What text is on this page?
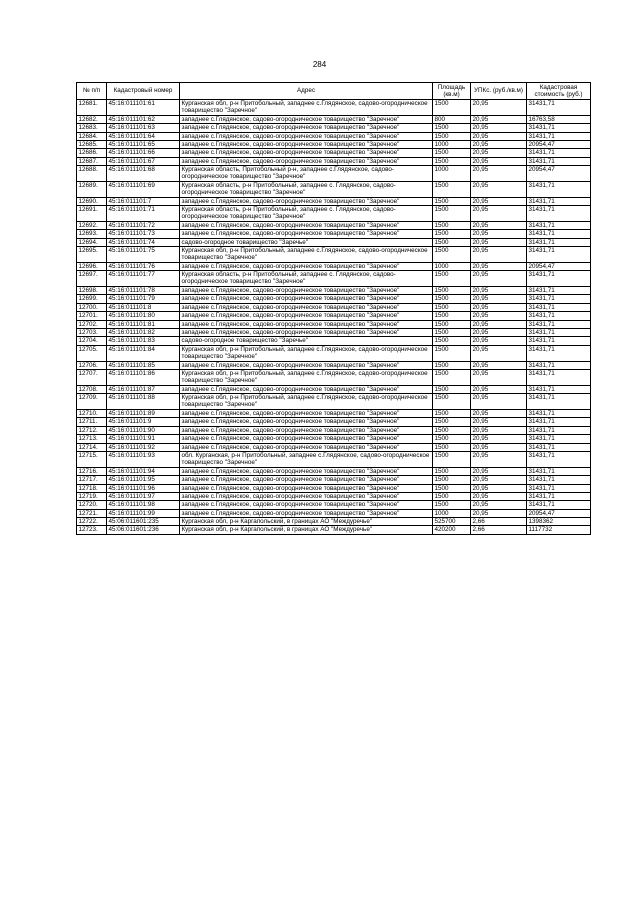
284
№ п/п	Кадастровый номер	Адрес	Площадь (кв.м)	УПКс. (руб./кв.м)	Кадастровая стоимость (руб.)
12681.	45:16:011101:61	Курганская обл, р-н Притобольный, западнее с.Глядянское, садово-огородническое товарищество "Заречное"	1500	20,95	31431,71
12682.	45:16:011101:62	западнее с.Глядянское, садово-огородническое товарищество "Заречное"	800	20,95	16763,58
12683.	45:16:011101:63	западнее с.Глядянское, садово-огородническое товарищество "Заречное"	1500	20,95	31431,71
12684.	45:16:011101:64	западнее с.Глядянское, садово-огородническое товарищество "Заречное"	1500	20,95	31431,71
12685.	45:16:011101:65	западнее с.Глядянское, садово-огородническое товарищество "Заречное"	1000	20,95	20954,47
12686.	45:16:011101:66	западнее с.Глядянское, садово-огородническое товарищество "Заречное"	1500	20,95	31431,71
12687.	45:16:011101:67	западнее с.Глядянское, садово-огородническое товарищество "Заречное"	1500	20,95	31431,71
12688.	45:16:011101:68	Курганская область, Притобольный р-н, западнее с.Глядянское, садово-огородническое товарищество "Заречное"	1000	20,95	20954,47
12689.	45:16:011101:69	Курганская область, р-н Притобольный, западнее с. Глядянское, садово-огородническое товарищество "Заречное"	1500	20,95	31431,71
12690.	45:16:011101:7	западнее с.Глядянское, садово-огородническое товарищество "Заречное"	1500	20,95	31431,71
12691.	45:16:011101:71	Курганская область, р-н Притобольный, западнее с. Глядянское, садово-огородническое товарищество "Заречное"	1500	20,95	31431,71
12692.	45:16:011101:72	западнее с.Глядянское, садово-огородническое товарищество "Заречное"	1500	20,95	31431,71
12693.	45:16:011101:73	западнее с.Глядянское, садово-огородническое товарищество "Заречное"	1500	20,95	31431,71
12694.	45:16:011101:74	садово-огородное товарищество "Заречье"	1500	20,95	31431,71
12695.	45:16:011101:75	Курганская обл, р-н Притобольный, западнее с.Глядянское, садово-огородническое товарищество "Заречное"	1500	20,95	31431,71
12696.	45:16:011101:76	западнее с.Глядянское, садово-огородническое товарищество "Заречное"	1000	20,95	20954,47
12697.	45:16:011101:77	Курганская область, р-н Притобольный, западнее с. Глядянское, садово-огородническое товарищество "Заречное"	1500	20,95	31431,71
12698.	45:16:011101:78	западнее с.Глядянское, садово-огородническое товарищество "Заречное"	1500	20,95	31431,71
12699.	45:16:011101:79	западнее с.Глядянское, садово-огородническое товарищество "Заречное"	1500	20,95	31431,71
12700.	45:16:011101:8	западнее с.Глядянское, садово-огородническое товарищество "Заречное"	1500	20,95	31431,71
12701.	45:16:011101:80	западнее с.Глядянское, садово-огородническое товарищество "Заречное"	1500	20,95	31431,71
12702.	45:16:011101:81	западнее с.Глядянское, садово-огородническое товарищество "Заречное"	1500	20,95	31431,71
12703.	45:16:011101:82	западнее с.Глядянское, садово-огородническое товарищество "Заречное"	1500	20,95	31431,71
12704.	45:16:011101:83	садово-огородное товарищество "Заречье"	1500	20,95	31431,71
12705.	45:16:011101:84	Курганская обл, р-н Притобольный, западнее с.Глядянское, садово-огородническое товарищество "Заречное"	1500	20,95	31431,71
12706.	45:16:011101:85	западнее с.Глядянское, садово-огородническое товарищество "Заречное"	1500	20,95	31431,71
12707.	45:16:011101:86	Курганская обл, р-н Притобольный, западнее с.Глядянское, садово-огородническое товарищество "Заречное"	1500	20,95	31431,71
12708.	45:16:011101:87	западнее с.Глядянское, садово-огородническое товарищество "Заречное"	1500	20,95	31431,71
12709.	45:16:011101:88	Курганская обл, р-н Притобольный, западнее с.Глядянское, садово-огородническое товарищество "Заречное"	1500	20,95	31431,71
12710.	45:16:011101:89	западнее с.Глядянское, садово-огородническое товарищество "Заречное"	1500	20,95	31431,71
12711.	45:16:011101:9	западнее с.Глядянское, садово-огородническое товарищество "Заречное"	1500	20,95	31431,71
12712.	45:16:011101:90	западнее с.Глядянское, садово-огородническое товарищество "Заречное"	1500	20,95	31431,71
12713.	45:16:011101:91	западнее с.Глядянское, садово-огородническое товарищество "Заречное"	1500	20,95	31431,71
12714.	45:16:011101:92	западнее с.Глядянское, садово-огородническое товарищество "Заречное"	1500	20,95	31431,71
12715.	45:16:011101:93	обл. Курганская, р-н Притобольный, западнее с.Глядянское, садово-огородническое товарищество "Заречное"	1500	20,95	31431,71
12716.	45:16:011101:94	западнее с.Глядянское, садово-огородническое товарищество "Заречное"	1500	20,95	31431,71
12717.	45:16:011101:95	западнее с.Глядянское, садово-огородническое товарищество "Заречное"	1500	20,95	31431,71
12718.	45:16:011101:96	западнее с.Глядянское, садово-огородническое товарищество "Заречное"	1500	20,95	31431,71
12719.	45:16:011101:97	западнее с.Глядянское, садово-огородническое товарищество "Заречное"	1500	20,95	31431,71
12720.	45:16:011101:98	западнее с.Глядянское, садово-огородническое товарищество "Заречное"	1500	20,95	31431,71
12721.	45:16:011101:99	западнее с.Глядянское, садово-огородническое товарищество "Заречное"	1000	20,95	20954,47
12722.	45:06:011601:235	Курганская обл, р-н Каргапольский, в границах АО "Междуречье"	525700	2,66	1398362
12723.	45:06:011601:236	Курганская обл, р-н Каргапольский, в границах АО "Междуречье"	420200	2,66	1117732
